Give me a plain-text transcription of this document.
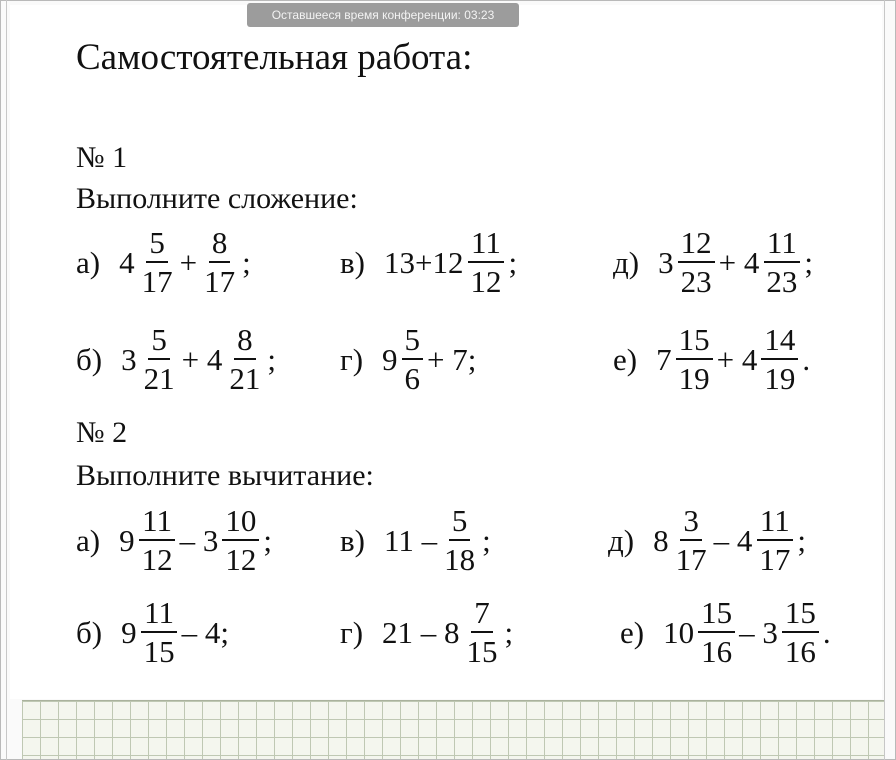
Оставшееся время конференции: 03:23
Самостоятельная работа:
№ 1
Выполните сложение:
а) $4 \frac{5}{17} + \frac{8}{17}$ ;	в) $13+12 \frac{11}{12}$ ;	д) $3 \frac{12}{23} + 4 \frac{11}{23}$ ;
б) $3 \frac{5}{21} + 4 \frac{8}{21}$ ; г) $9 \frac{5}{6} + 7$;	е) $7 \frac{15}{19} + 4 \frac{14}{19}$ .
№ 2
Выполните вычитание:
а) $9 \frac{11}{12} - 3 \frac{10}{12}$ ; в) $11 - \frac{5}{18}$ ;	д) $8 \frac{3}{17} - 4 \frac{11}{17}$ ;
б) $9 \frac{11}{15} - 4$;	г) $21 - 8 \frac{7}{15}$ ;	е) $10 \frac{15}{16} - 3 \frac{15}{16}$ .
